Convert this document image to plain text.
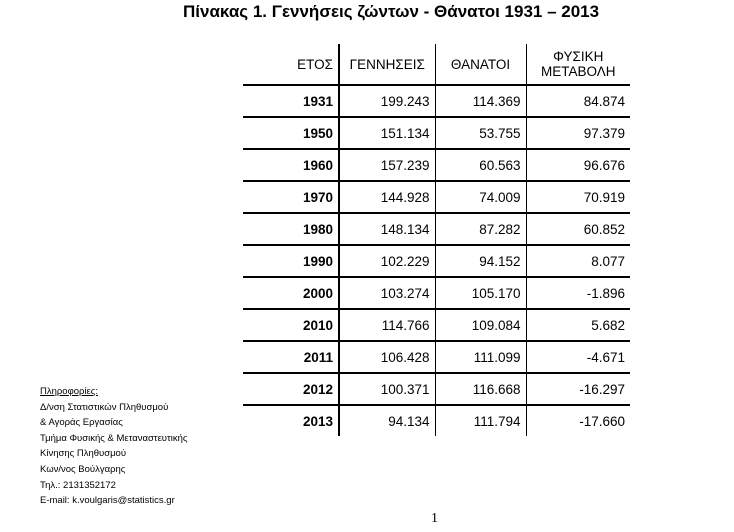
Πίνακας 1. Γεννήσεις ζώντων - Θάνατοι 1931 – 2013
ΕΤΟΣ	ΓΕΝΝΗΣΕΙΣ	ΘΑΝΑΤΟΙ	ΦΥΣΙΚΗ ΜΕΤΑΒΟΛΗ
1931	199.243	114.369	84.874
1950	151.134	53.755	97.379
1960	157.239	60.563	96.676
1970	144.928	74.009	70.919
1980	148.134	87.282	60.852
1990	102.229	94.152	8.077
2000	103.274	105.170	-1.896
2010	114.766	109.084	5.682
2011	106.428	111.099	-4.671
2012	100.371	116.668	-16.297
2013	94.134	111.794	-17.660
Πληροφορίες:
Δ/νση Στατιστικών Πληθυσμού
& Αγοράς Εργασίας
Τμήμα Φυσικής & Μεταναστευτικής
Κίνησης Πληθυσμού
Κων/νος Βούλγαρης
Τηλ.: 2131352172
E-mail: k.voulgaris@statistics.gr
1
